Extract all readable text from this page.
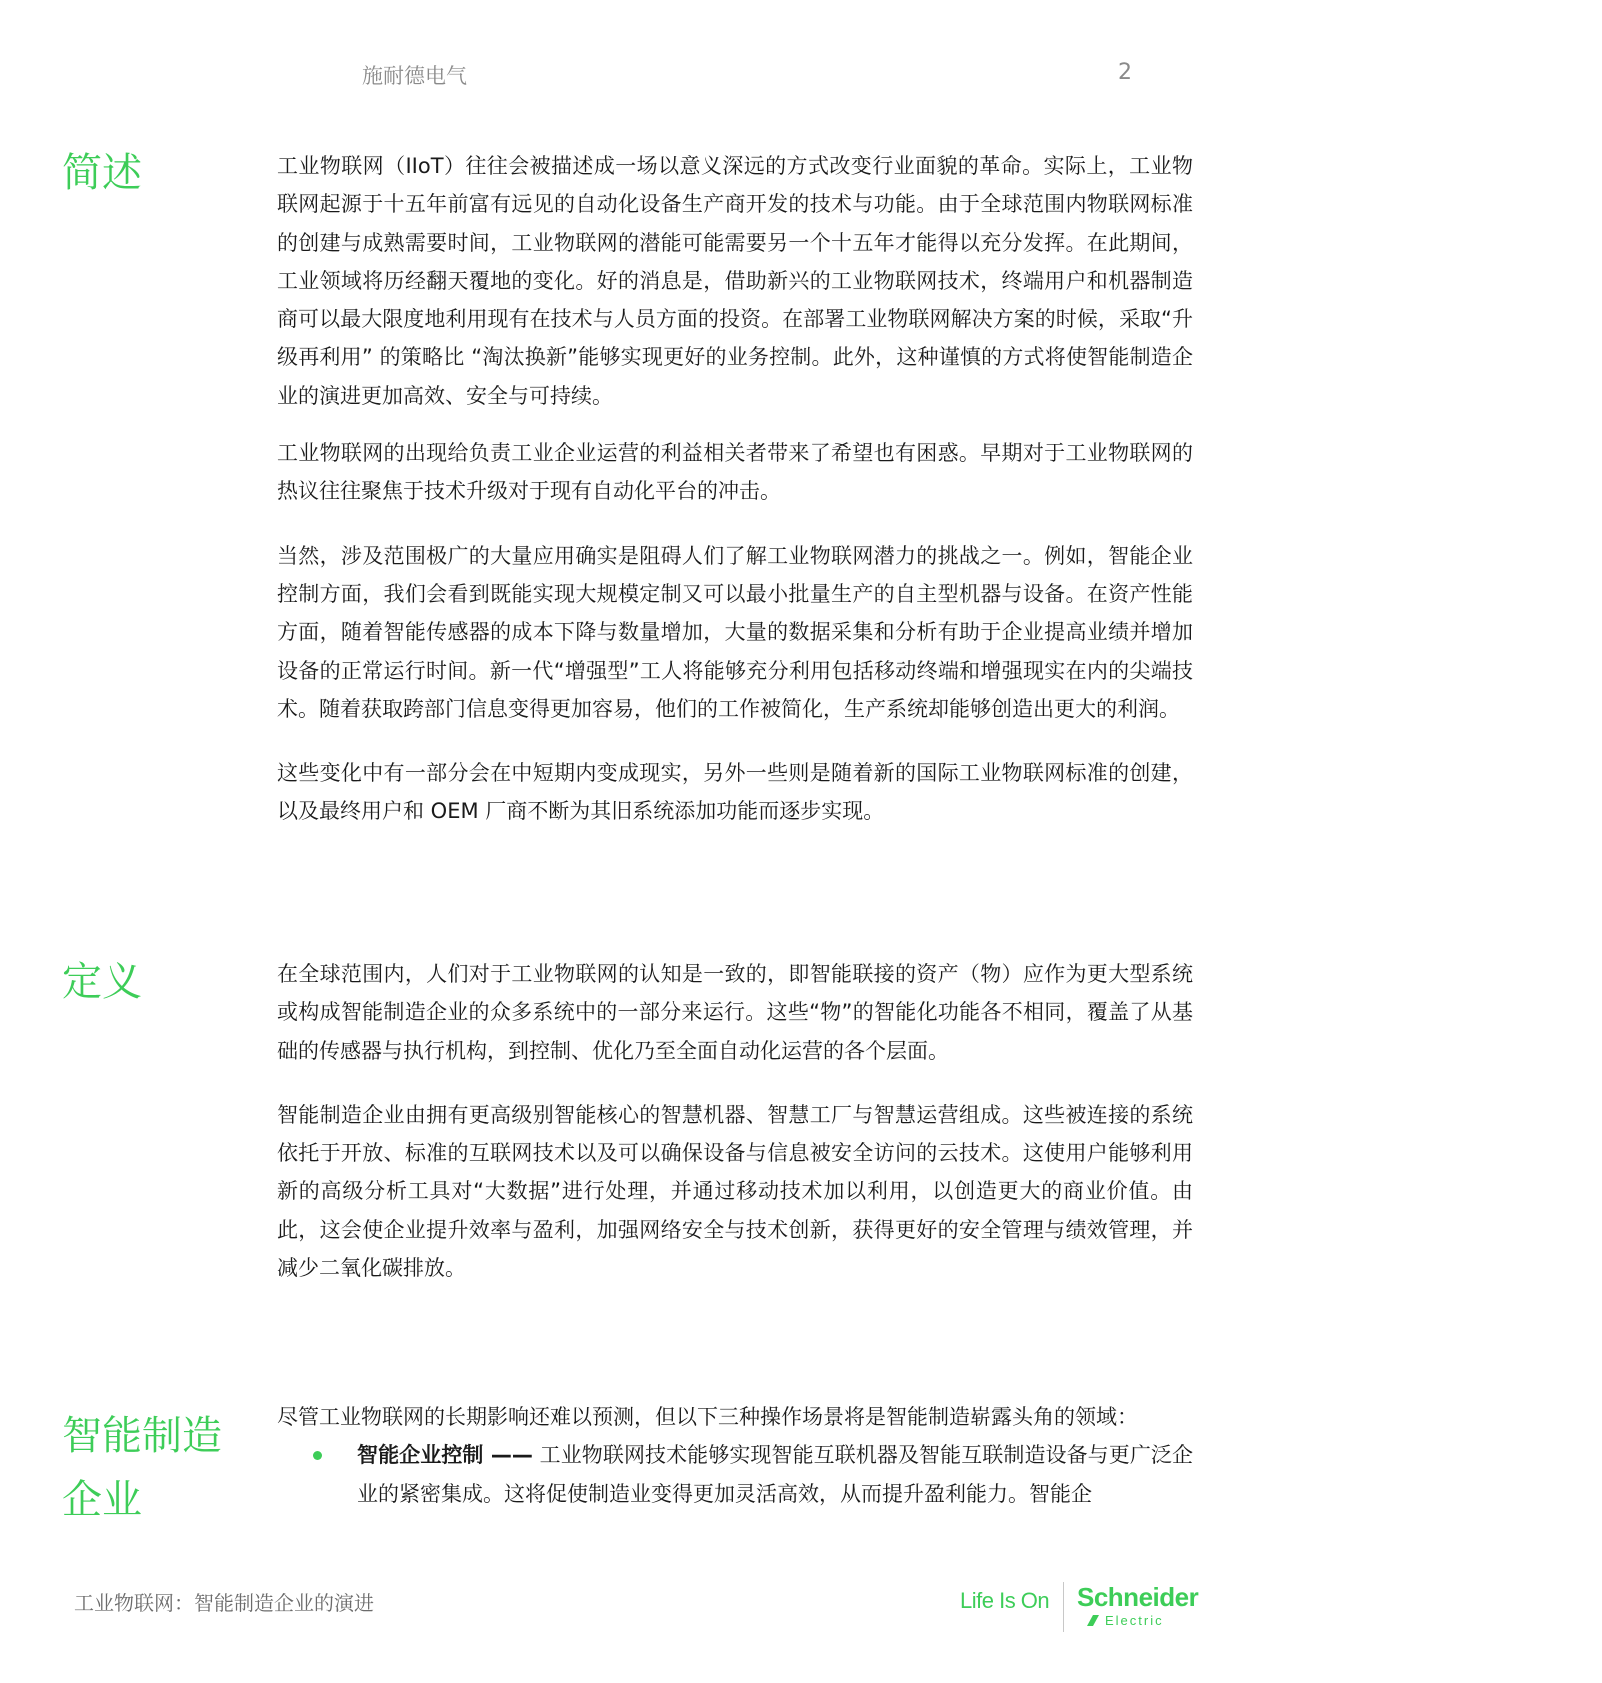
施耐德电气	2
简述	工业物联网（IIoT）往往会被描述成一场以意义深远的方式改变行业面貌的革命。实际上，工业物联网起源于十五年前富有远见的自动化设备生产商开发的技术与功能。由于全球范围内物联网标准的创建与成熟需要时间，工业物联网的潜能可能需要另一个十五年才能得以充分发挥。在此期间，工业领域将历经翻天覆地的变化。好的消息是，借助新兴的工业物联网技术，终端用户和机器制造商可以最大限度地利用现有在技术与人员方面的投资。在部署工业物联网解决方案的时候，采取“升级再利用” 的策略比 “淘汰换新”能够实现更好的业务控制。此外，这种谨慎的方式将使智能制造企业的演进更加高效、安全与可持续。

工业物联网的出现给负责工业企业运营的利益相关者带来了希望也有困惑。早期对于工业物联网的热议往往聚焦于技术升级对于现有自动化平台的冲击。

当然，涉及范围极广的大量应用确实是阻碍人们了解工业物联网潜力的挑战之一。例如，智能企业控制方面，我们会看到既能实现大规模定制又可以最小批量生产的自主型机器与设备。在资产性能方面，随着智能传感器的成本下降与数量增加，大量的数据采集和分析有助于企业提高业绩并增加设备的正常运行时间。新一代“增强型”工人将能够充分利用包括移动终端和增强现实在内的尖端技术。随着获取跨部门信息变得更加容易，他们的工作被简化，生产系统却能够创造出更大的利润。

这些变化中有一部分会在中短期内变成现实，另外一些则是随着新的国际工业物联网标准的创建，以及最终用户和 OEM 厂商不断为其旧系统添加功能而逐步实现。

定义	在全球范围内，人们对于工业物联网的认知是一致的，即智能联接的资产（物）应作为更大型系统或构成智能制造企业的众多系统中的一部分来运行。这些“物”的智能化功能各不相同，覆盖了从基础的传感器与执行机构，到控制、优化乃至全面自动化运营的各个层面。

智能制造企业由拥有更高级别智能核心的智慧机器、智慧工厂与智慧运营组成。这些被连接的系统依托于开放、标准的互联网技术以及可以确保设备与信息被安全访问的云技术。这使用户能够利用新的高级分析工具对“大数据”进行处理，并通过移动技术加以利用，以创造更大的商业价值。由此，这会使企业提升效率与盈利，加强网络安全与技术创新，获得更好的安全管理与绩效管理，并减少二氧化碳排放。

智能制造
企业

尽管工业物联网的长期影响还难以预测，但以下三种操作场景将是智能制造崭露头角的领域：

智能企业控制 —— 工业物联网技术能够实现智能互联机器及智能互联制造设备与更广泛企业的紧密集成。这将促使制造业变得更加灵活高效，从而提升盈利能力。智能企
工业物联网：智能制造企业的演进	Life Is On Schneider
Electric
